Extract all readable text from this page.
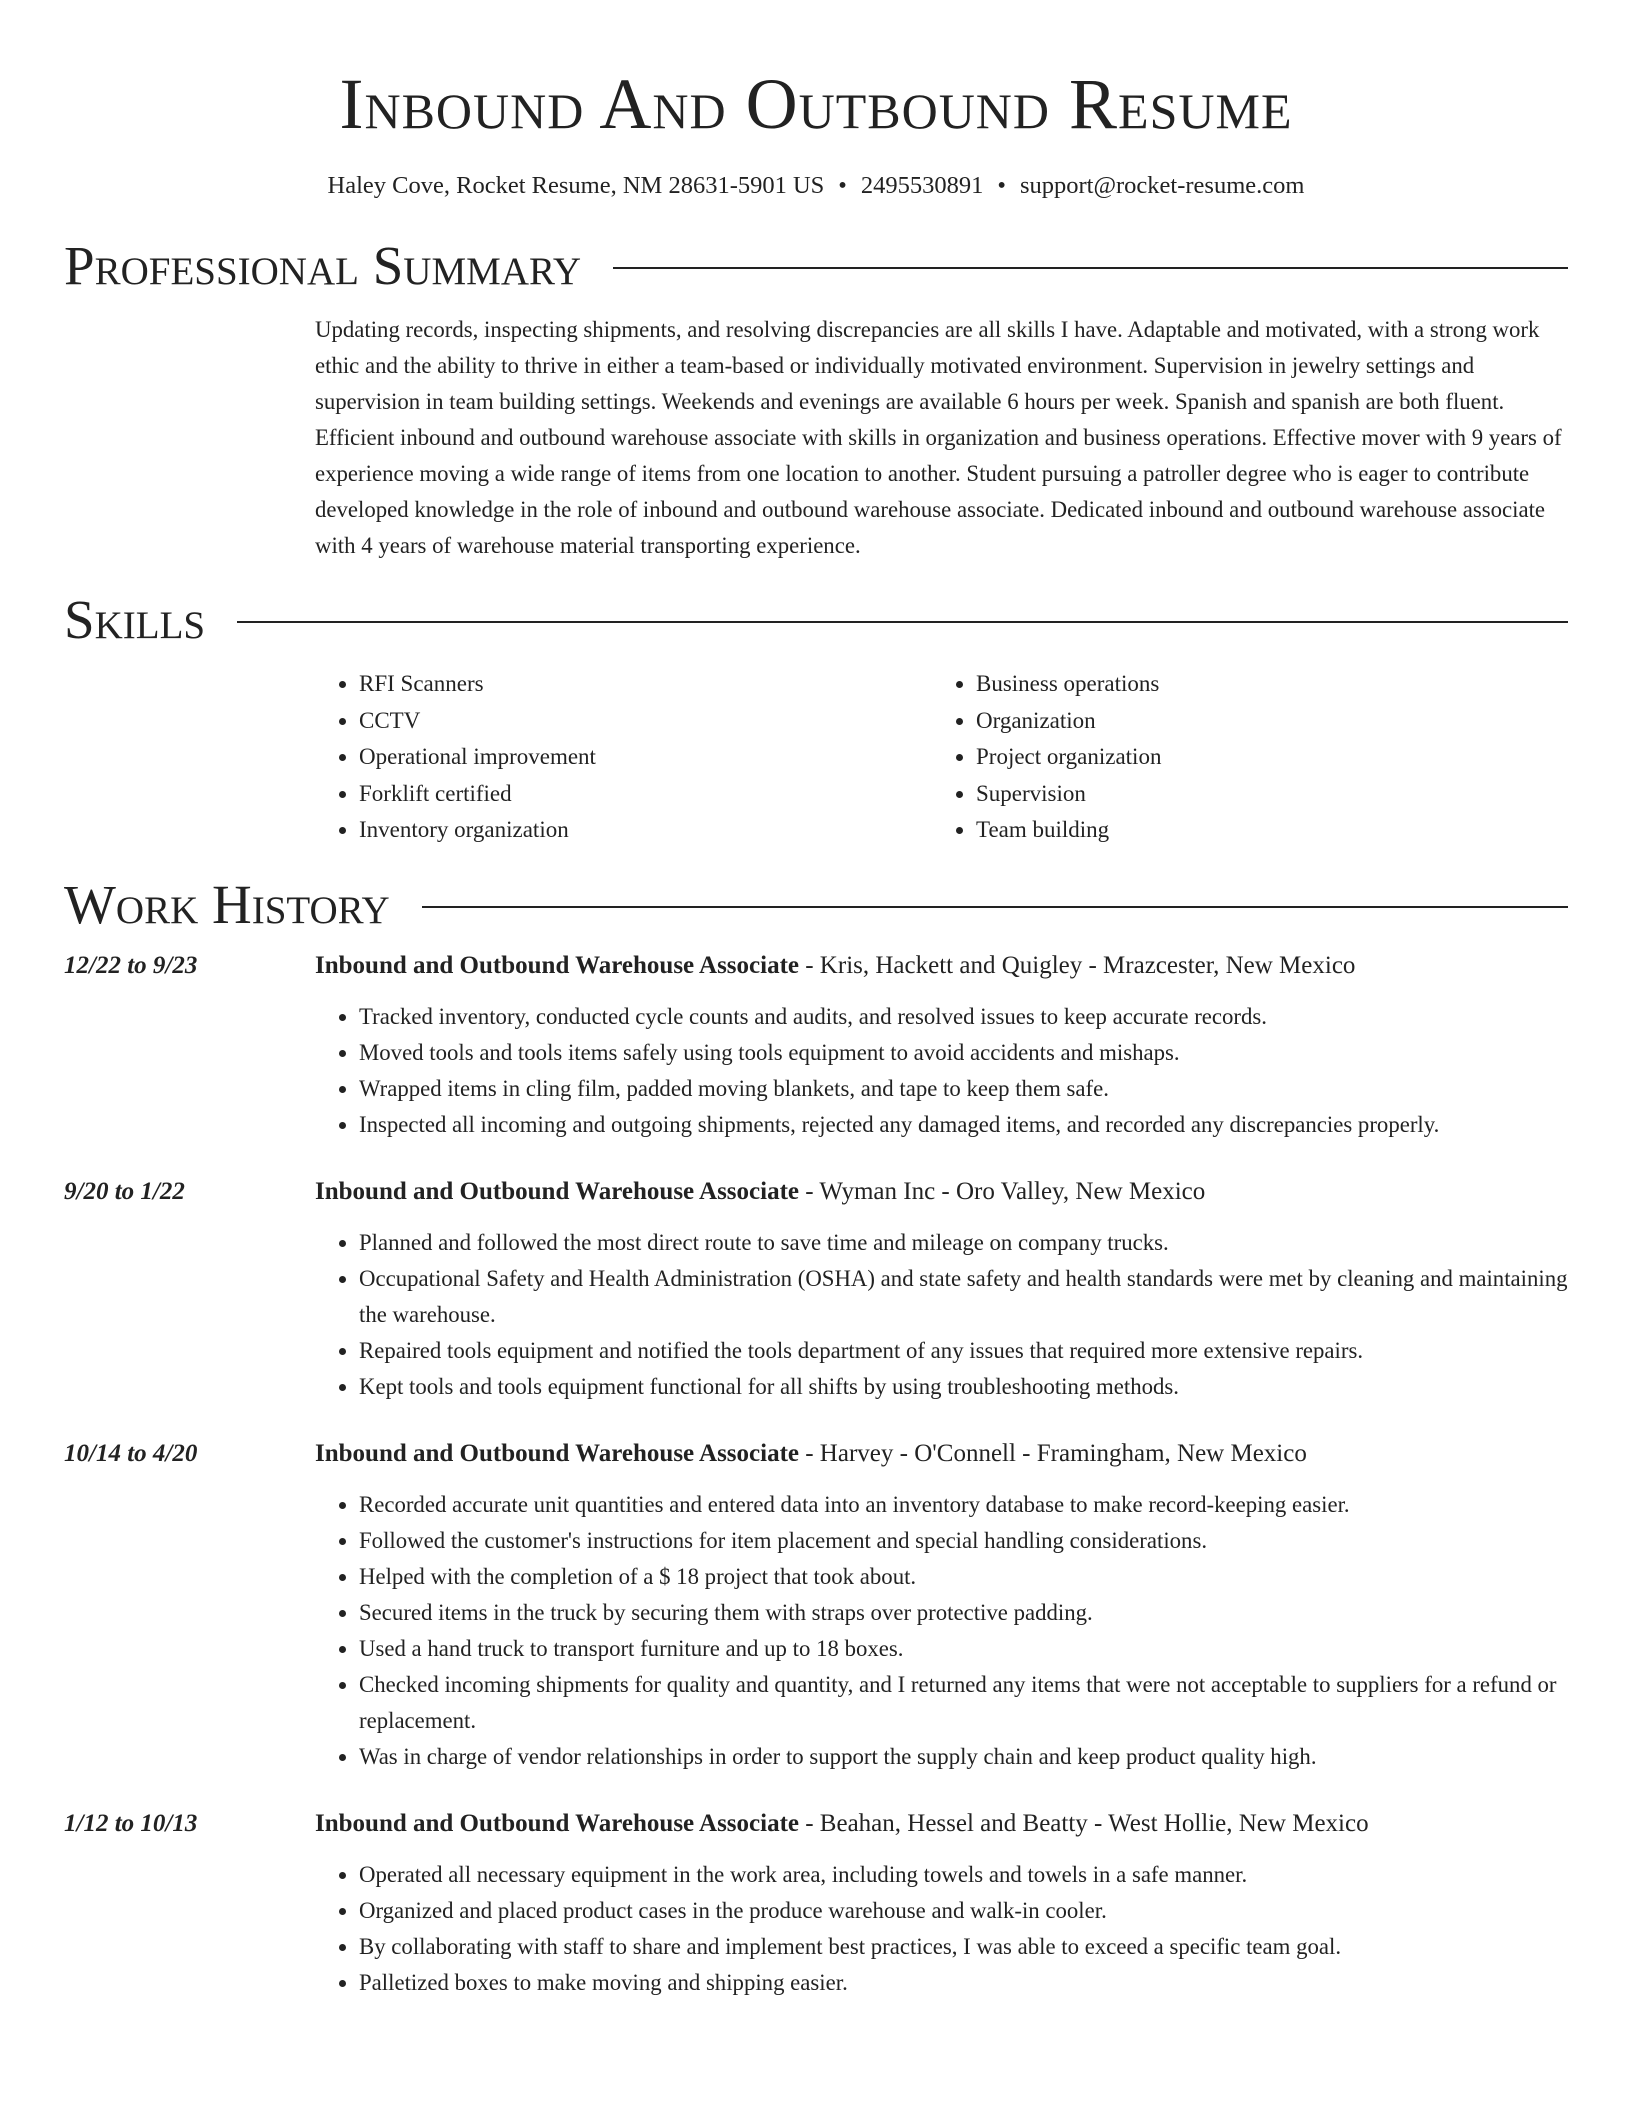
Inbound And Outbound Resume
Haley Cove, Rocket Resume, NM 28631-5901 US • 2495530891 • support@rocket-resume.com
Professional Summary
Updating records, inspecting shipments, and resolving discrepancies are all skills I have. Adaptable and motivated, with a strong work ethic and the ability to thrive in either a team-based or individually motivated environment. Supervision in jewelry settings and supervision in team building settings. Weekends and evenings are available 6 hours per week. Spanish and spanish are both fluent. Efficient inbound and outbound warehouse associate with skills in organization and business operations. Effective mover with 9 years of experience moving a wide range of items from one location to another. Student pursuing a patroller degree who is eager to contribute developed knowledge in the role of inbound and outbound warehouse associate. Dedicated inbound and outbound warehouse associate with 4 years of warehouse material transporting experience.
Skills
• RFI Scanners
• CCTV
• Operational improvement
• Forklift certified
• Inventory organization
• Business operations
• Organization
• Project organization
• Supervision
• Team building
Work History
12/22 to 9/23	Inbound and Outbound Warehouse Associate - Kris, Hackett and Quigley - Mrazcester, New Mexico
• Tracked inventory, conducted cycle counts and audits, and resolved issues to keep accurate records.
• Moved tools and tools items safely using tools equipment to avoid accidents and mishaps.
• Wrapped items in cling film, padded moving blankets, and tape to keep them safe.
• Inspected all incoming and outgoing shipments, rejected any damaged items, and recorded any discrepancies properly.
9/20 to 1/22	Inbound and Outbound Warehouse Associate - Wyman Inc - Oro Valley, New Mexico
• Planned and followed the most direct route to save time and mileage on company trucks.
• Occupational Safety and Health Administration (OSHA) and state safety and health standards were met by cleaning and maintaining the warehouse.
• Repaired tools equipment and notified the tools department of any issues that required more extensive repairs.
• Kept tools and tools equipment functional for all shifts by using troubleshooting methods.
10/14 to 4/20	Inbound and Outbound Warehouse Associate - Harvey - O'Connell - Framingham, New Mexico
• Recorded accurate unit quantities and entered data into an inventory database to make record-keeping easier.
• Followed the customer's instructions for item placement and special handling considerations.
• Helped with the completion of a $ 18 project that took about.
• Secured items in the truck by securing them with straps over protective padding.
• Used a hand truck to transport furniture and up to 18 boxes.
• Checked incoming shipments for quality and quantity, and I returned any items that were not acceptable to suppliers for a refund or replacement.
• Was in charge of vendor relationships in order to support the supply chain and keep product quality high.
1/12 to 10/13	Inbound and Outbound Warehouse Associate - Beahan, Hessel and Beatty - West Hollie, New Mexico
• Operated all necessary equipment in the work area, including towels and towels in a safe manner.
• Organized and placed product cases in the produce warehouse and walk-in cooler.
• By collaborating with staff to share and implement best practices, I was able to exceed a specific team goal.
• Palletized boxes to make moving and shipping easier.
